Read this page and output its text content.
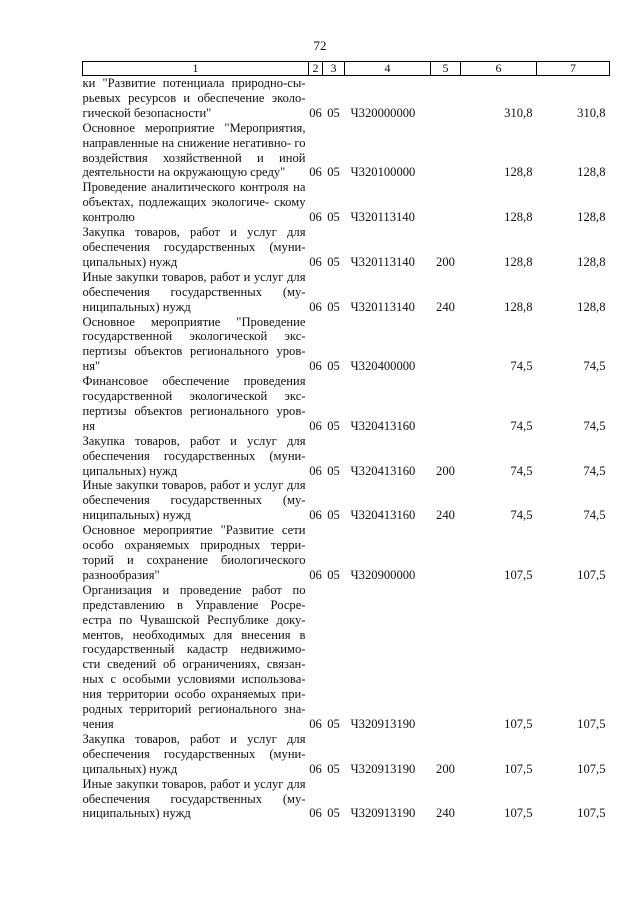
72
1	2	3	4	5	6	7
ки "Развитие потенциала природно-сы- рьевых ресурсов и обеспечение эколо- гической безопасности"	06	05	Ч320000000		310,8	310,8
Основное мероприятие "Мероприятия, направленные на снижение негативно- го воздействия хозяйственной и иной деятельности на окружающую среду"	06	05	Ч320100000		128,8	128,8
Проведение аналитического контроля на объектах, подлежащих экологиче- скому контролю	06	05	Ч320113140		128,8	128,8
Закупка товаров, работ и услуг для обеспечения государственных (муни- ципальных) нужд	06	05	Ч320113140	200	128,8	128,8
Иные закупки товаров, работ и услуг для обеспечения государственных (му- ниципальных) нужд	06	05	Ч320113140	240	128,8	128,8
Основное мероприятие "Проведение государственной экологической экс- пертизы объектов регионального уров- ня"	06	05	Ч320400000		74,5	74,5
Финансовое обеспечение проведения государственной экологической экс- пертизы объектов регионального уров- ня	06	05	Ч320413160		74,5	74,5
Закупка товаров, работ и услуг для обеспечения государственных (муни- ципальных) нужд	06	05	Ч320413160	200	74,5	74,5
Иные закупки товаров, работ и услуг для обеспечения государственных (му- ниципальных) нужд	06	05	Ч320413160	240	74,5	74,5
Основное мероприятие "Развитие сети особо охраняемых природных терри- торий и сохранение биологического разнообразия"	06	05	Ч320900000		107,5	107,5
Организация и проведение работ по представлению в Управление Росре- естра по Чувашской Республике доку- ментов, необходимых для внесения в государственный кадастр недвижимо- сти сведений об ограничениях, связан- ных с особыми условиями использова- ния территории особо охраняемых при- родных территорий регионального зна- чения	06	05	Ч320913190		107,5	107,5
Закупка товаров, работ и услуг для обеспечения государственных (муни- ципальных) нужд	06	05	Ч320913190	200	107,5	107,5
Иные закупки товаров, работ и услуг для обеспечения государственных (му- ниципальных) нужд	06	05	Ч320913190	240	107,5	107,5
